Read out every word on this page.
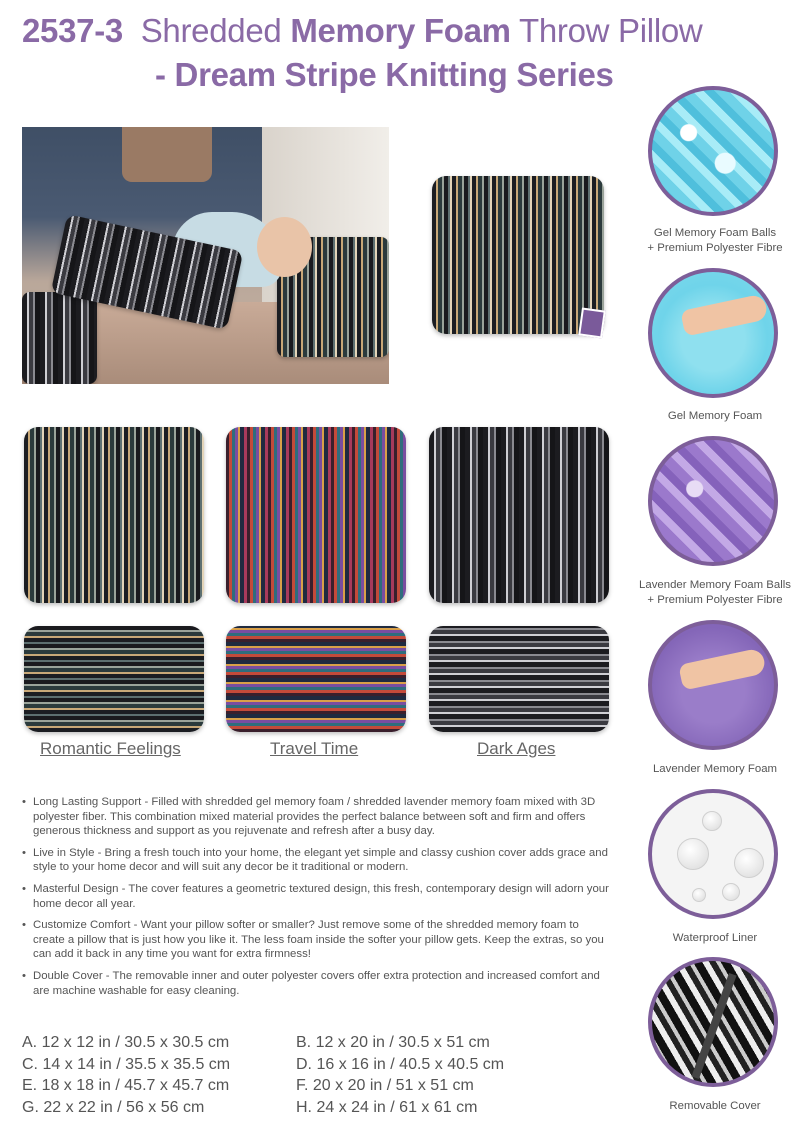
2537-3 Shredded Memory Foam Throw Pillow
- Dream Stripe Knitting Series
Romantic Feelings	Travel Time	Dark Ages
• Long Lasting Support - Filled with shredded gel memory foam / shredded lavender memory foam mixed with 3D polyester fiber. This combination mixed material provides the perfect balance between soft and firm and offers generous thickness and support as you rejuvenate and refresh after a busy day.
• Live in Style - Bring a fresh touch into your home, the elegant yet simple and classy cushion cover adds grace and style to your home decor and will suit any decor be it traditional or modern.
• Masterful Design - The cover features a geometric textured design, this fresh, contemporary design will adorn your home decor all year.
• Customize Comfort - Want your pillow softer or smaller? Just remove some of the shredded memory foam to create a pillow that is just how you like it. The less foam inside the softer your pillow gets. Keep the extras, so you can add it back in any time you want for extra firmness!
• Double Cover - The removable inner and outer polyester covers offer extra protection and increased comfort and are machine washable for easy cleaning.
A. 12 x 12 in / 30.5 x 30.5 cm	B. 12 x 20 in / 30.5 x 51 cm
C. 14 x 14 in / 35.5 x 35.5 cm	D. 16 x 16 in / 40.5 x 40.5 cm
E. 18 x 18 in / 45.7 x 45.7 cm	F. 20 x 20 in / 51 x 51 cm
G. 22 x 22 in / 56 x 56 cm	H. 24 x 24 in / 61 x 61 cm
Gel Memory Foam Balls
+ Premium Polyester Fibre
Gel Memory Foam
Lavender Memory Foam Balls
+ Premium Polyester Fibre
Lavender Memory Foam
Waterproof Liner
Removable Cover
